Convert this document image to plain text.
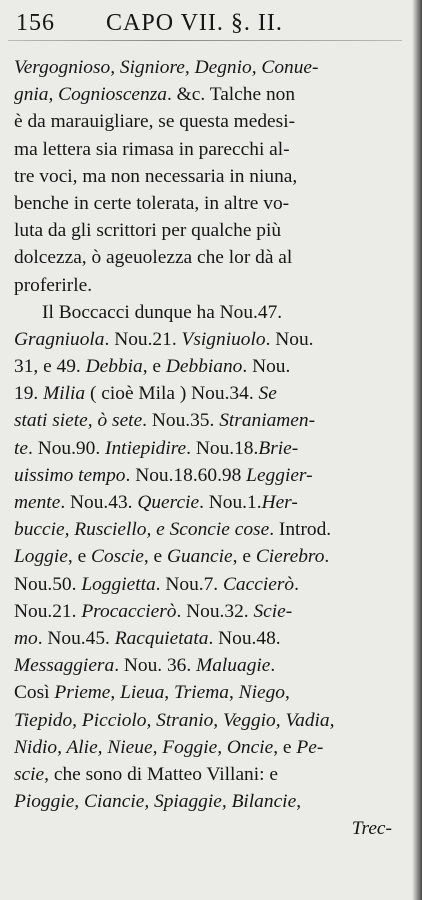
156 CAPO VII. §. II.
Vergognioso, Signiore, Degnio, Conue-
gnia, Cognioscenza. &c. Talche non
è da marauigliare, se questa medesi-
ma lettera sia rimasa in parecchi al-
tre voci, ma non necessaria in niuna,
benche in certe tolerata, in altre vo-
luta da gli scrittori per qualche più
dolcezza, ò ageuolezza che lor dà al
proferirle.
Il Boccacci dunque ha Nou.47.
Gragniuola. Nou.21. Vsigniuolo. Nou.
31, e 49. Debbia, e Debbiano. Nou.
19. Milia ( cioè Mila ) Nou.34. Se
stati siete, ò sete. Nou.35. Straniamen-
te. Nou.90. Intiepidire. Nou.18.Brie-
uissimo tempo. Nou.18.60.98 Leggier-
mente. Nou.43. Quercie. Nou.1.Her-
buccie, Rusciello, e Sconcie cose. Introd.
Loggie, e Coscie, e Guancie, e Cierebro.
Nou.50. Loggietta. Nou.7. Caccierò.
Nou.21. Procaccierò. Nou.32. Scie-
mo. Nou.45. Racquietata. Nou.48.
Messaggiera. Nou. 36. Maluagie.
Così Prieme, Lieua, Triema, Niego,
Tiepido, Picciolo, Stranio, Veggio, Vadia,
Nidio, Alie, Nieue, Foggie, Oncie, e Pe-
scie, che sono di Matteo Villani: e
Pioggie, Ciancie, Spiaggie, Bilancie,
Trec-
